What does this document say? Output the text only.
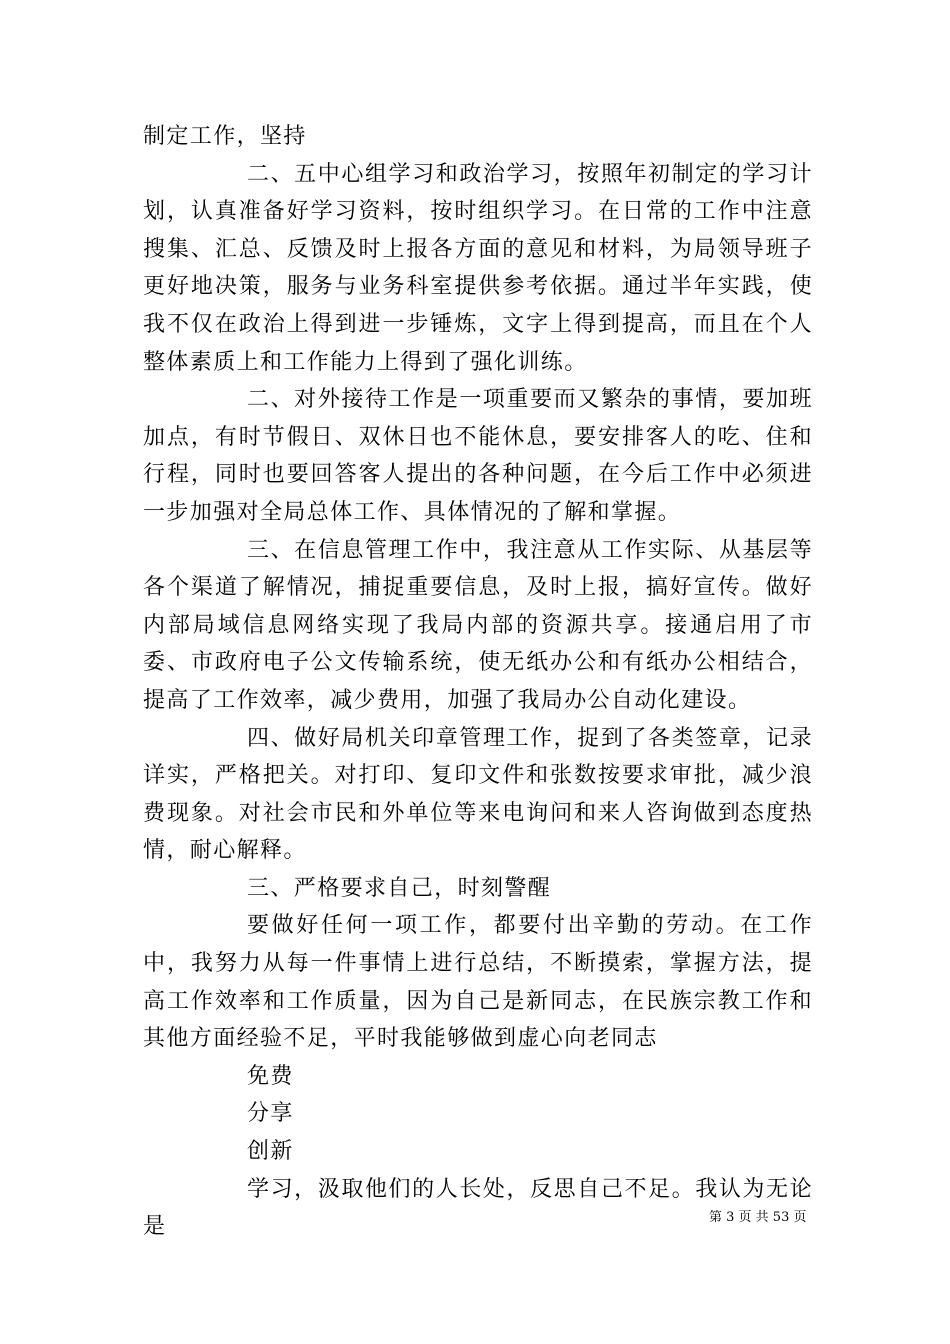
制定工作，坚持

二、五中心组学习和政治学习，按照年初制定的学习计划，认真准备好学习资料，按时组织学习。在日常的工作中注意搜集、汇总、反馈及时上报各方面的意见和材料，为局领导班子更好地决策，服务与业务科室提供参考依据。通过半年实践，使我不仅在政治上得到进一步锤炼，文字上得到提高，而且在个人整体素质上和工作能力上得到了强化训练。

二、对外接待工作是一项重要而又繁杂的事情，要加班加点，有时节假日、双休日也不能休息，要安排客人的吃、住和行程，同时也要回答客人提出的各种问题，在今后工作中必须进一步加强对全局总体工作、具体情况的了解和掌握。

三、在信息管理工作中，我注意从工作实际、从基层等各个渠道了解情况，捕捉重要信息，及时上报，搞好宣传。做好内部局域信息网络实现了我局内部的资源共享。接通启用了市委、市政府电子公文传输系统，使无纸办公和有纸办公相结合，提高了工作效率，减少费用，加强了我局办公自动化建设。

四、做好局机关印章管理工作，捉到了各类签章，记录详实，严格把关。对打印、复印文件和张数按要求审批，减少浪费现象。对社会市民和外单位等来电询问和来人咨询做到态度热情，耐心解释。

三、严格要求自己，时刻警醒

要做好任何一项工作，都要付出辛勤的劳动。在工作中，我努力从每一件事情上进行总结，不断摸索，掌握方法，提高工作效率和工作质量，因为自己是新同志，在民族宗教工作和其他方面经验不足，平时我能够做到虚心向老同志

免费

分享

创新

学习，汲取他们的人长处，反思自己不足。我认为无论是	第 3 页 共 53 页
